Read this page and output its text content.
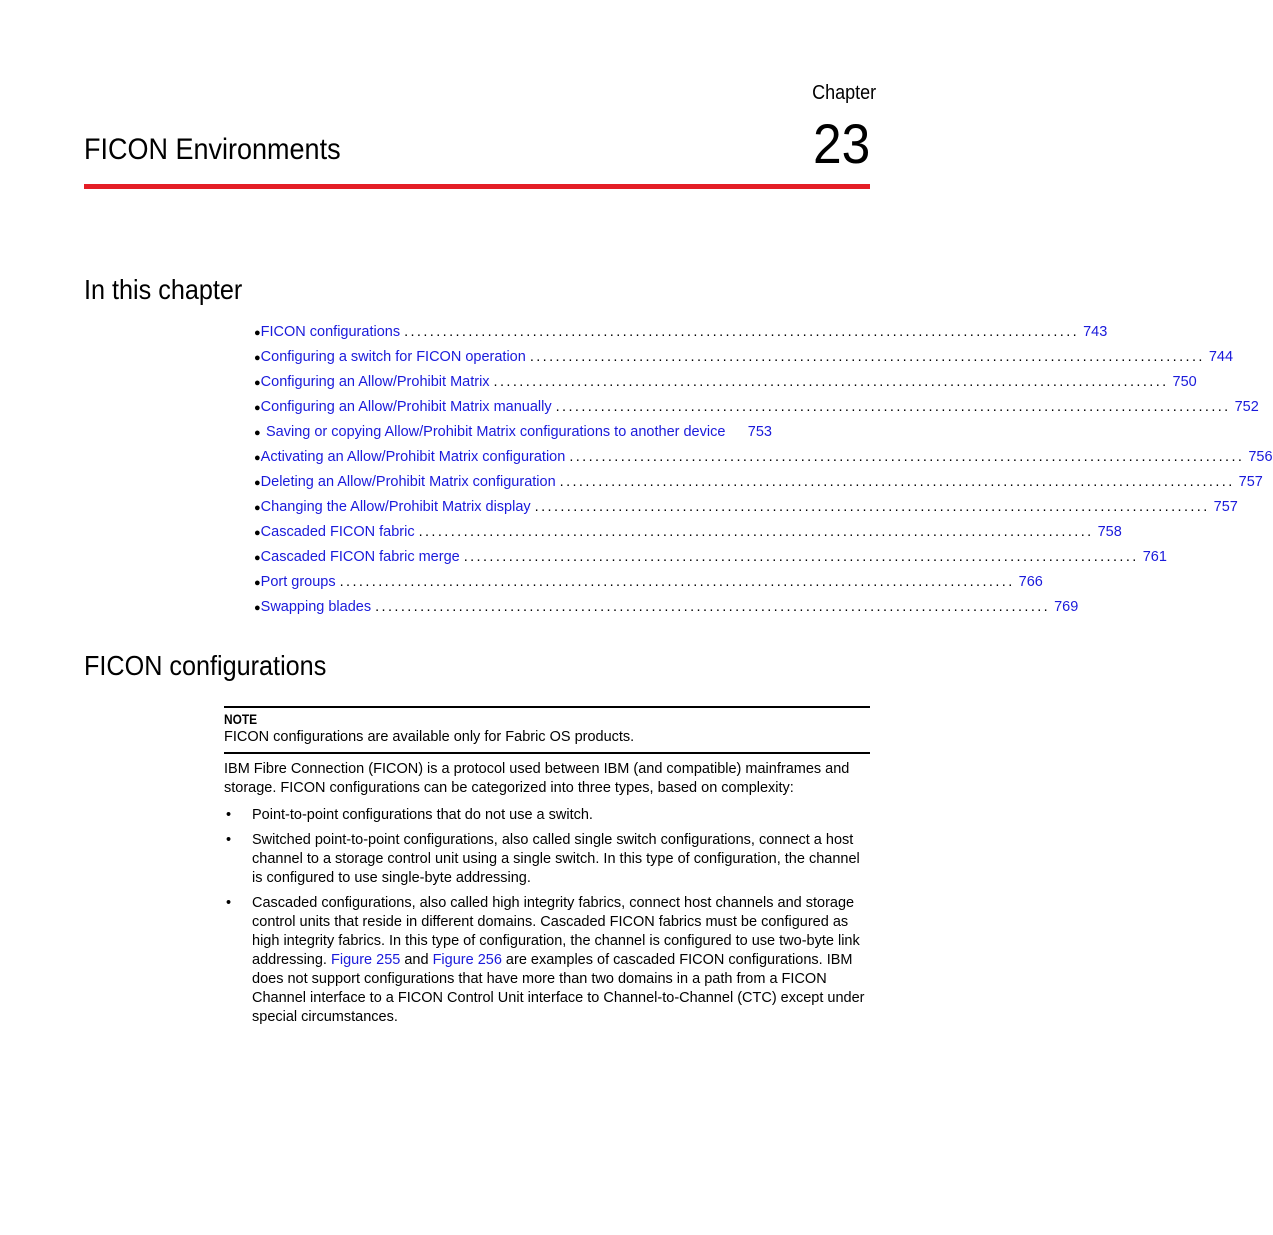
Chapter
23
FICON Environments
In this chapter
● FICON configurations ......................................................................................................... 743
● Configuring a switch for FICON operation ......................................................................................................... 744
● Configuring an Allow/Prohibit Matrix ......................................................................................................... 750
● Configuring an Allow/Prohibit Matrix manually ......................................................................................................... 752
● Saving or copying Allow/Prohibit Matrix configurations to another device	753
● Activating an Allow/Prohibit Matrix configuration ......................................................................................................... 756
● Deleting an Allow/Prohibit Matrix configuration ......................................................................................................... 757
● Changing the Allow/Prohibit Matrix display ......................................................................................................... 757
● Cascaded FICON fabric ......................................................................................................... 758
● Cascaded FICON fabric merge ......................................................................................................... 761
● Port groups ......................................................................................................... 766
● Swapping blades ......................................................................................................... 769
FICON configurations
NOTE
FICON configurations are available only for Fabric OS products.

IBM Fibre Connection (FICON) is a protocol used between IBM (and compatible) mainframes and storage. FICON configurations can be categorized into three types, based on complexity:

• Point-to-point configurations that do not use a switch.
• Switched point-to-point configurations, also called single switch configurations, connect a host channel to a storage control unit using a single switch. In this type of configuration, the channel is configured to use single-byte addressing.
• Cascaded configurations, also called high integrity fabrics, connect host channels and storage control units that reside in different domains. Cascaded FICON fabrics must be configured as high integrity fabrics. In this type of configuration, the channel is configured to use two-byte link addressing. Figure 255 and Figure 256 are examples of cascaded FICON configurations. IBM does not support configurations that have more than two domains in a path from a FICON Channel interface to a FICON Control Unit interface to Channel-to-Channel (CTC) except under special circumstances.
